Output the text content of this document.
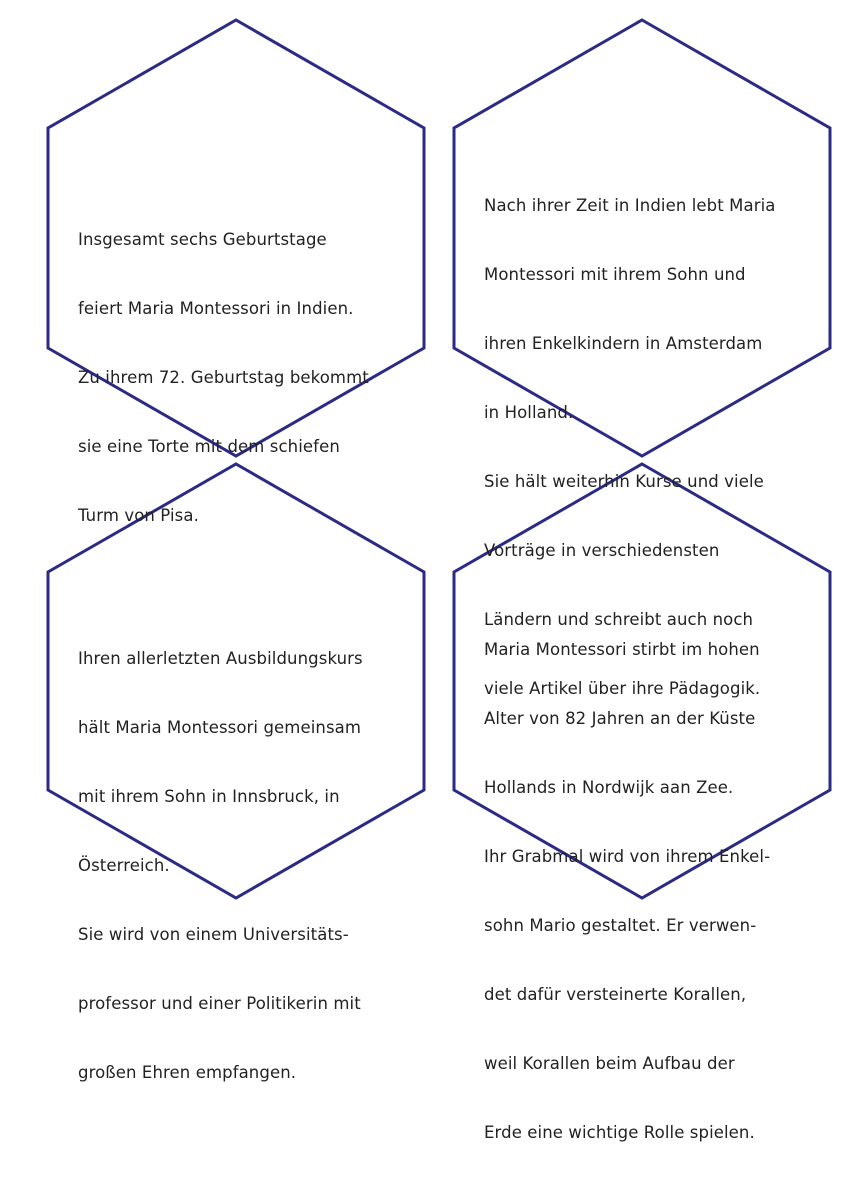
Insgesamt sechs Geburtstage

feiert Maria Montessori in Indien.

Zu ihrem 72. Geburtstag bekommt

sie eine Torte mit dem schiefen

Turm von Pisa.

Nach ihrer Zeit in Indien lebt Maria

Montessori mit ihrem Sohn und

ihren Enkelkindern in Amsterdam

in Holland.

Sie hält weiterhin Kurse und viele

Vorträge in verschiedensten

Ländern und schreibt auch noch

viele Artikel über ihre Pädagogik.

Ihren allerletzten Ausbildungskurs

hält Maria Montessori gemeinsam

mit ihrem Sohn in Innsbruck, in

Österreich.

Sie wird von einem Universitäts-

professor und einer Politikerin mit

großen Ehren empfangen.

Maria Montessori stirbt im hohen

Alter von 82 Jahren an der Küste

Hollands in Nordwijk aan Zee.

Ihr Grabmal wird von ihrem Enkel-

sohn Mario gestaltet. Er verwen-

det dafür versteinerte Korallen,

weil Korallen beim Aufbau der

Erde eine wichtige Rolle spielen.
